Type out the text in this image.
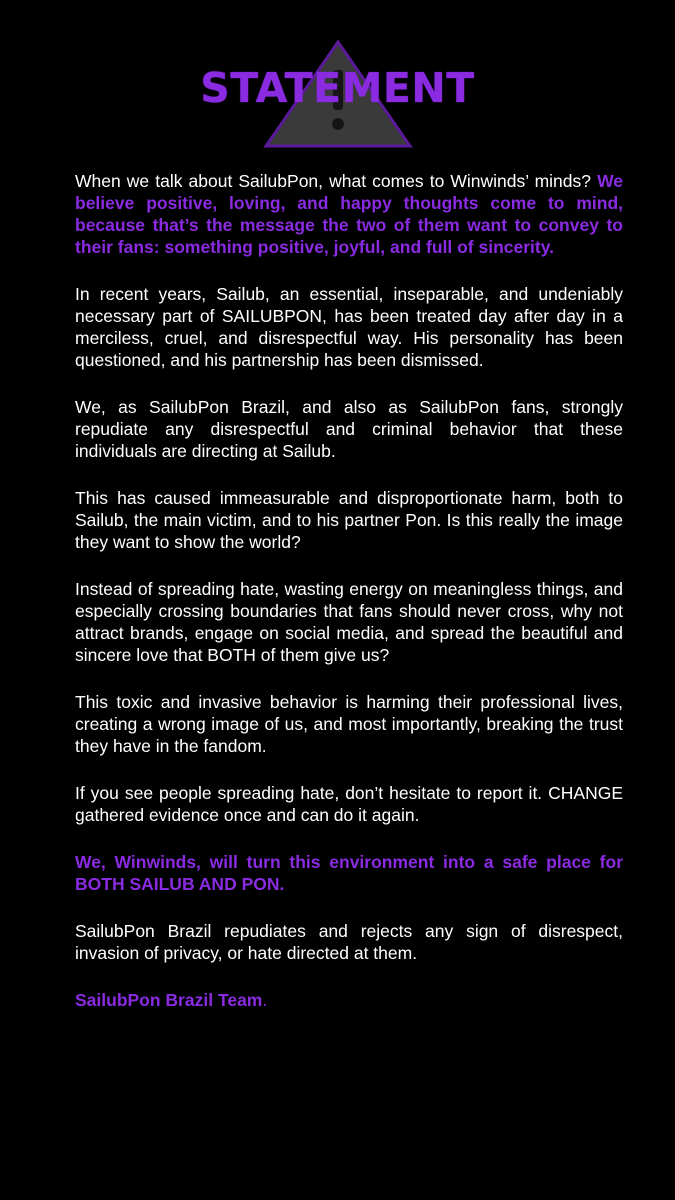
STATEMENT

When we talk about SailubPon, what comes to Winwinds’ minds? We believe positive, loving, and happy thoughts come to mind, because that’s the message the two of them want to convey to their fans: something positive, joyful, and full of sincerity.

In recent years, Sailub, an essential, inseparable, and undeniably necessary part of SAILUBPON, has been treated day after day in a merciless, cruel, and disrespectful way. His personality has been questioned, and his partnership has been dismissed.

We, as SailubPon Brazil, and also as SailubPon fans, strongly repudiate any disrespectful and criminal behavior that these individuals are directing at Sailub.

This has caused immeasurable and disproportionate harm, both to Sailub, the main victim, and to his partner Pon. Is this really the image they want to show the world?

Instead of spreading hate, wasting energy on meaningless things, and especially crossing boundaries that fans should never cross, why not attract brands, engage on social media, and spread the beautiful and sincere love that BOTH of them give us?

This toxic and invasive behavior is harming their professional lives, creating a wrong image of us, and most importantly, breaking the trust they have in the fandom.

If you see people spreading hate, don’t hesitate to report it. CHANGE gathered evidence once and can do it again.

We, Winwinds, will turn this environment into a safe place for BOTH SAILUB AND PON.

SailubPon Brazil repudiates and rejects any sign of disrespect, invasion of privacy, or hate directed at them.

SailubPon Brazil Team.
